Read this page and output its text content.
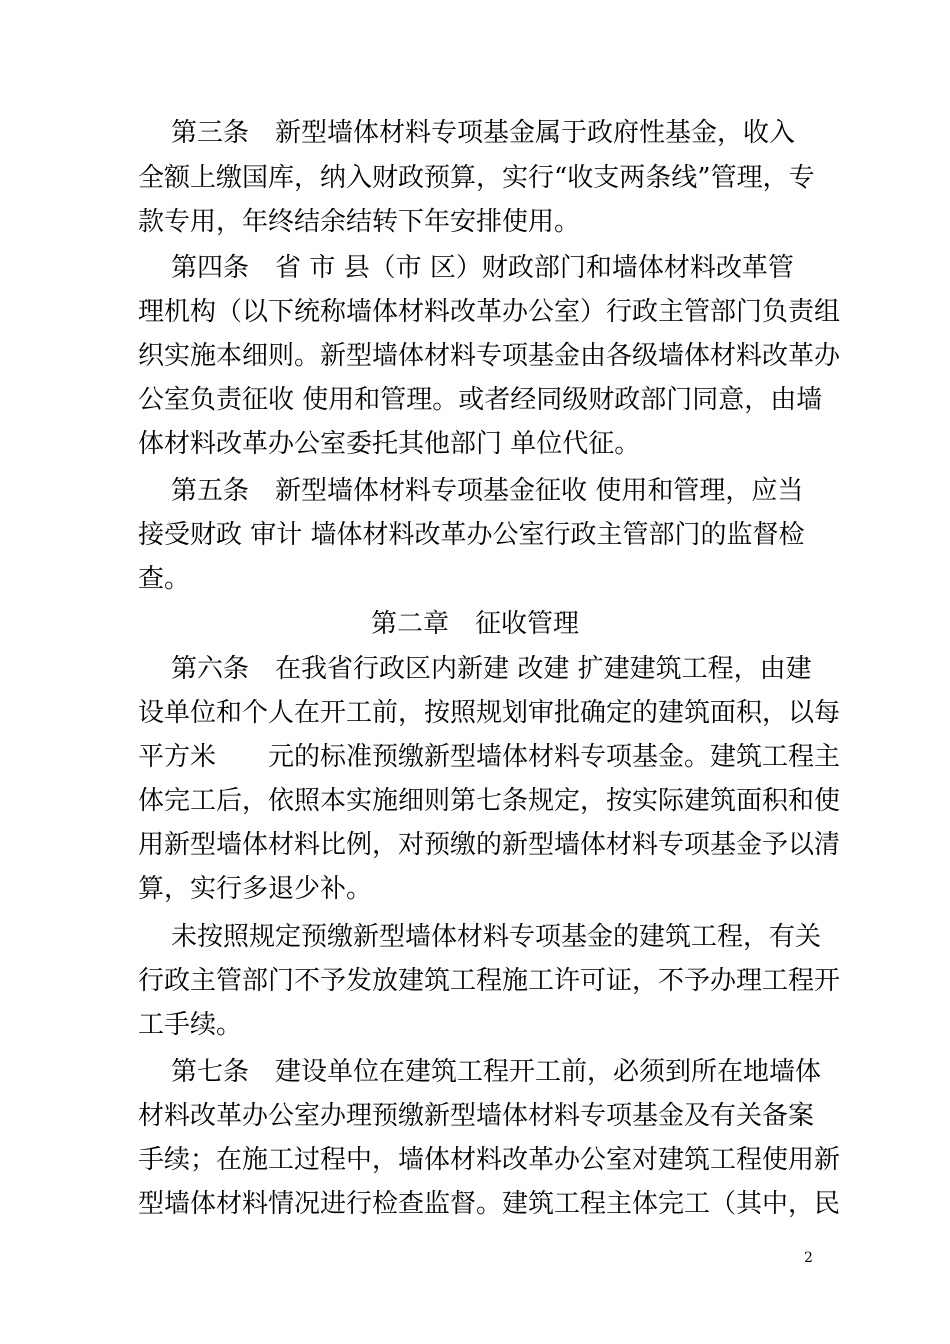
第三条　新型墙体材料专项基金属于政府性基金，收入
全额上缴国库，纳入财政预算，实行“收支两条线”管理，专
款专用，年终结余结转下年安排使用。
第四条　省 市 县（市 区）财政部门和墙体材料改革管
理机构（以下统称墙体材料改革办公室）行政主管部门负责组
织实施本细则。新型墙体材料专项基金由各级墙体材料改革办
公室负责征收 使用和管理。或者经同级财政部门同意，由墙
体材料改革办公室委托其他部门 单位代征。
第五条　新型墙体材料专项基金征收 使用和管理，应当
接受财政 审计 墙体材料改革办公室行政主管部门的监督检
查。
第二章　征收管理
第六条　在我省行政区内新建 改建 扩建建筑工程，由建
设单位和个人在开工前，按照规划审批确定的建筑面积，以每
平方米　　元的标准预缴新型墙体材料专项基金。建筑工程主
体完工后，依照本实施细则第七条规定，按实际建筑面积和使
用新型墙体材料比例，对预缴的新型墙体材料专项基金予以清
算，实行多退少补。
未按照规定预缴新型墙体材料专项基金的建筑工程，有关
行政主管部门不予发放建筑工程施工许可证，不予办理工程开
工手续。
第七条　建设单位在建筑工程开工前，必须到所在地墙体
材料改革办公室办理预缴新型墙体材料专项基金及有关备案
手续；在施工过程中，墙体材料改革办公室对建筑工程使用新
型墙体材料情况进行检查监督。建筑工程主体完工（其中，民
2
